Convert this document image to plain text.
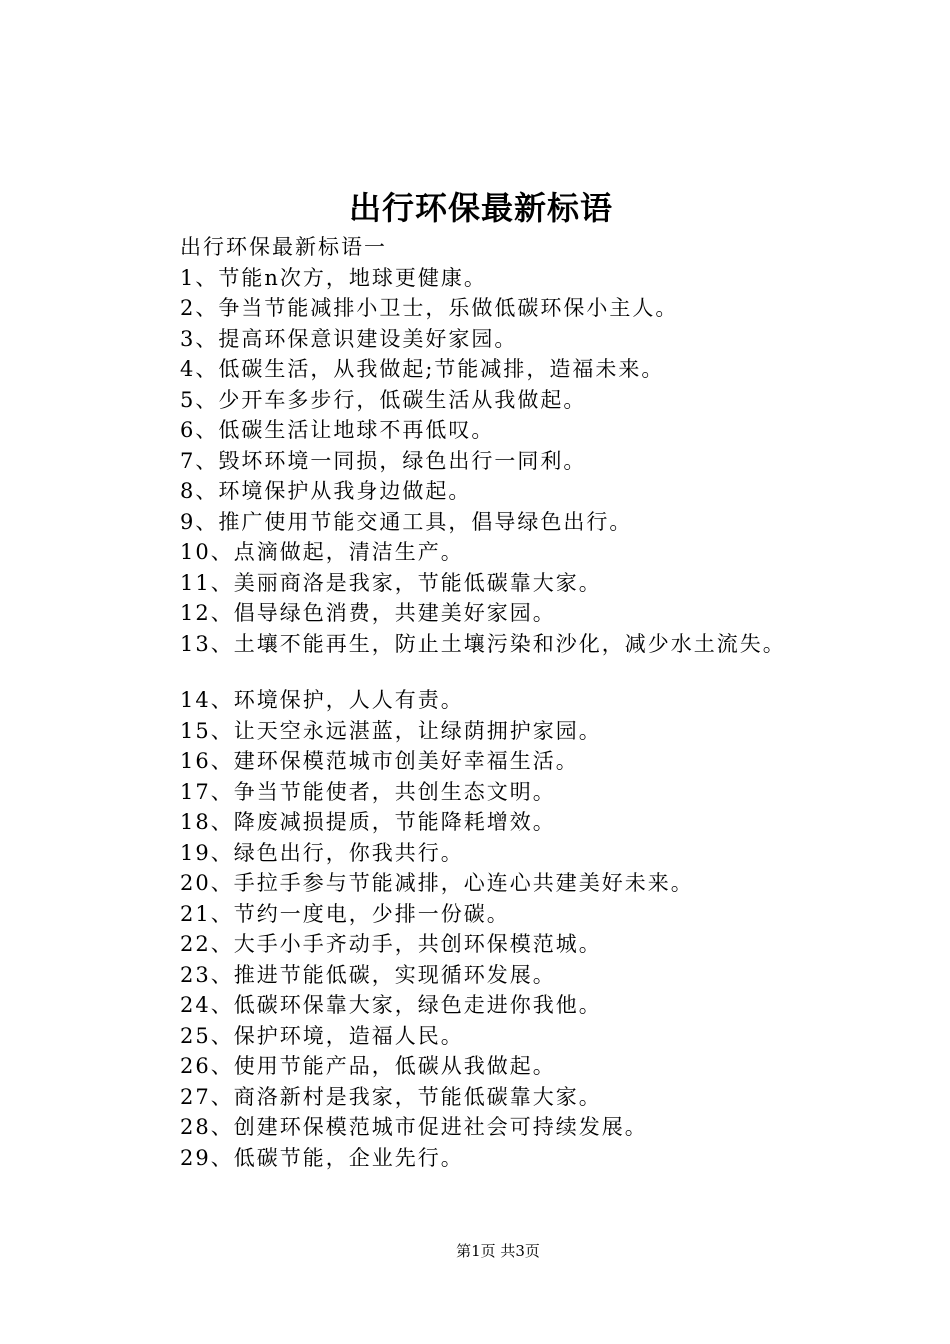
出行环保最新标语
出行环保最新标语一
1、节能n次方，地球更健康。
2、争当节能减排小卫士，乐做低碳环保小主人。
3、提高环保意识建设美好家园。
4、低碳生活，从我做起;节能减排，造福未来。
5、少开车多步行，低碳生活从我做起。
6、低碳生活让地球不再低叹。
7、毁坏环境一同损，绿色出行一同利。
8、环境保护从我身边做起。
9、推广使用节能交通工具，倡导绿色出行。
10、点滴做起，清洁生产。
11、美丽商洛是我家，节能低碳靠大家。
12、倡导绿色消费，共建美好家园。
13、土壤不能再生，防止土壤污染和沙化，减少水土流失。
14、环境保护，人人有责。
15、让天空永远湛蓝，让绿荫拥护家园。
16、建环保模范城市创美好幸福生活。
17、争当节能使者，共创生态文明。
18、降废减损提质，节能降耗增效。
19、绿色出行，你我共行。
20、手拉手参与节能减排，心连心共建美好未来。
21、节约一度电，少排一份碳。
22、大手小手齐动手，共创环保模范城。
23、推进节能低碳，实现循环发展。
24、低碳环保靠大家，绿色走进你我他。
25、保护环境，造福人民。
26、使用节能产品，低碳从我做起。
27、商洛新村是我家，节能低碳靠大家。
28、创建环保模范城市促进社会可持续发展。
29、低碳节能，企业先行。
第1页 共3页
